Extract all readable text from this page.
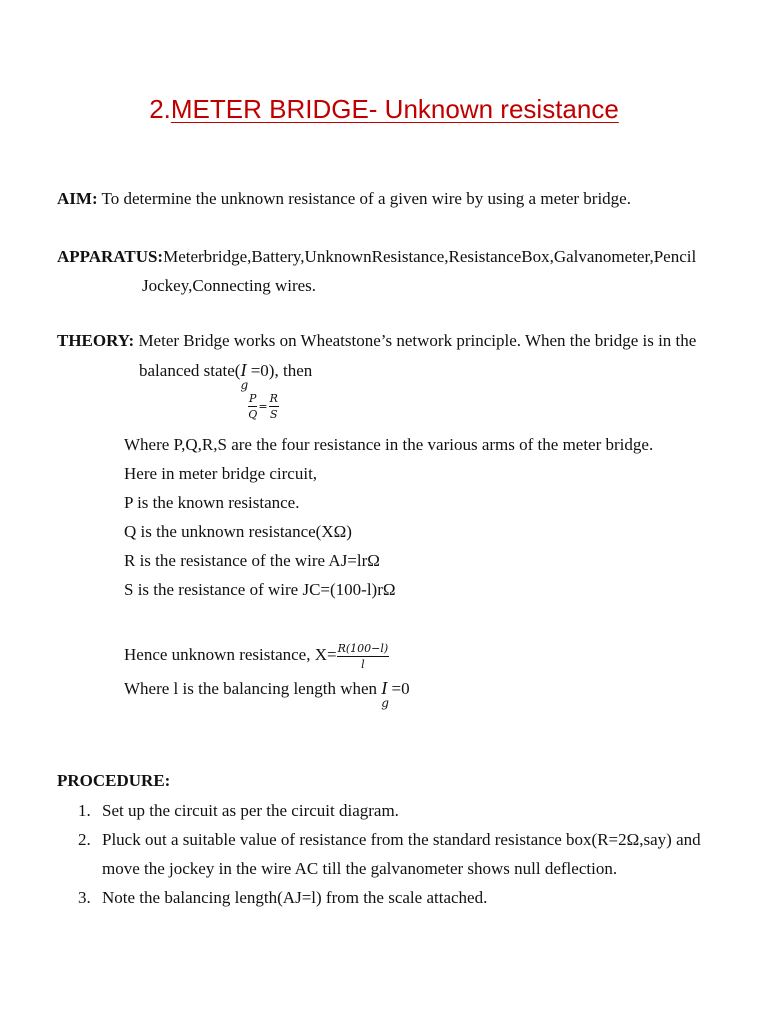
2.METER BRIDGE- Unknown resistance
AIM: To determine the unknown resistance of a given wire by using a meter bridge.
APPARATUS:Meterbridge,Battery,UnknownResistance,ResistanceBox,Galvanometer,Pencil
Jockey,Connecting wires.
THEORY: Meter Bridge works on Wheatstone’s network principle. When the bridge is in the
balanced state(I
g
=0), then
$\frac{P}{Q} = \frac{R}{S}$
Where P,Q,R,S are the four resistance in the various arms of the meter bridge.
Here in meter bridge circuit,
P is the known resistance.
Q is the unknown resistance(XΩ)
R is the resistance of the wire AJ=lrΩ
S is the resistance of wire JC=(100-l)rΩ
Hence unknown resistance, $X= \frac{R(100-l)}{l}$
Where l is the balancing length when I
g
=0
PROCEDURE:
1. Set up the circuit as per the circuit diagram.
2. Pluck out a suitable value of resistance from the standard resistance box(R=2Ω,say) and
move the jockey in the wire AC till the galvanometer shows null deflection.
3. Note the balancing length(AJ=l) from the scale attached.
